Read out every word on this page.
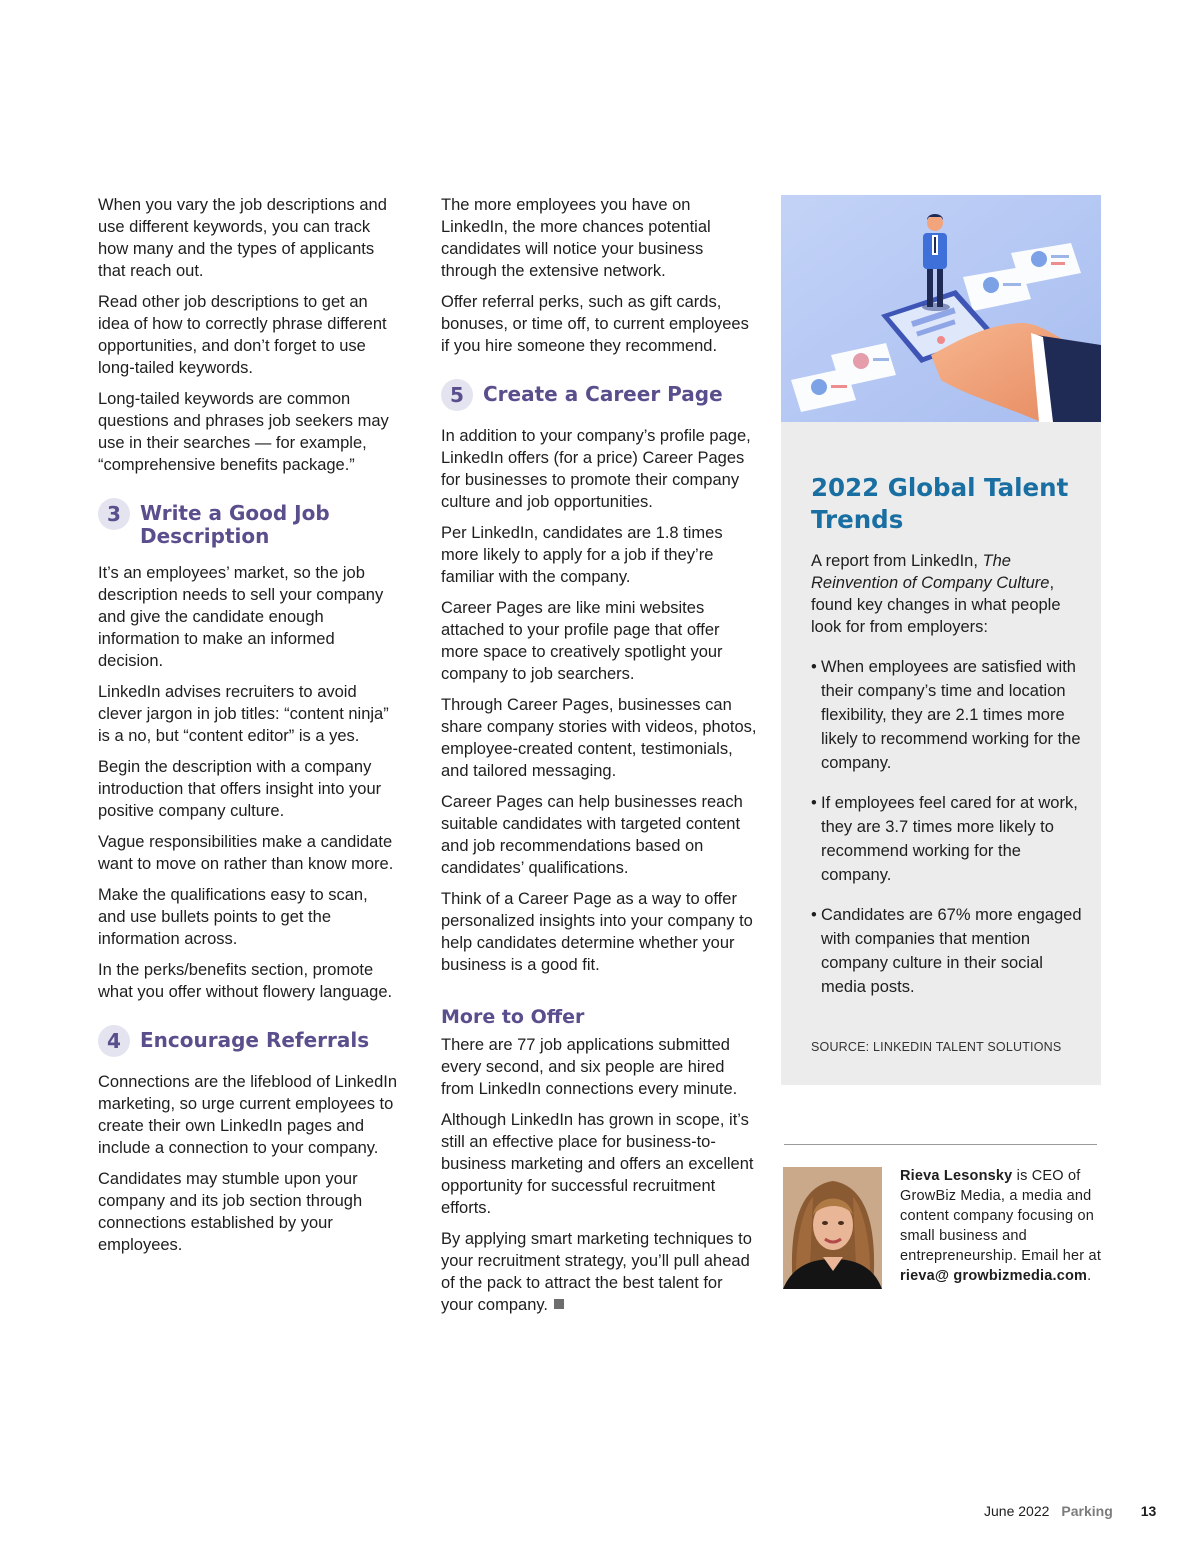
When you vary the job descriptions and use different keywords, you can track how many and the types of applicants that reach out.

Read other job descriptions to get an idea of how to correctly phrase different opportunities, and don’t forget to use long-tailed keywords.

Long-tailed keywords are common questions and phrases job seekers may use in their searches — for example, “comprehensive benefits package.”

3 Write a Good Job Description

It’s an employees’ market, so the job description needs to sell your company and give the candidate enough information to make an informed decision.

LinkedIn advises recruiters to avoid clever jargon in job titles: “content ninja” is a no, but “content editor” is a yes.

Begin the description with a company introduction that offers insight into your positive company culture.

Vague responsibilities make a candidate want to move on rather than know more.

Make the qualifications easy to scan, and use bullets points to get the information across.

In the perks/benefits section, promote what you offer without flowery language.

4 Encourage Referrals

Connections are the lifeblood of LinkedIn marketing, so urge current employees to create their own LinkedIn pages and include a connection to your company.

Candidates may stumble upon your company and its job section through connections established by your employees.

The more employees you have on LinkedIn, the more chances potential candidates will notice your business through the extensive network.

Offer referral perks, such as gift cards, bonuses, or time off, to current employees if you hire someone they recommend.

5 Create a Career Page

In addition to your company’s profile page, LinkedIn offers (for a price) Career Pages for businesses to promote their company culture and job opportunities.

Per LinkedIn, candidates are 1.8 times more likely to apply for a job if they’re familiar with the company.

Career Pages are like mini websites attached to your profile page that offer more space to creatively spotlight your company to job searchers.

Through Career Pages, businesses can share company stories with videos, photos, employee-created content, testimonials, and tailored messaging.

Career Pages can help businesses reach suitable candidates with targeted content and job recommendations based on candidates’ qualifications.

Think of a Career Page as a way to offer personalized insights into your company to help candidates determine whether your business is a good fit.

More to Offer

There are 77 job applications submitted every second, and six people are hired from LinkedIn connections every minute.

Although LinkedIn has grown in scope, it’s still an effective place for business-to-business marketing and offers an excellent opportunity for successful recruitment efforts.

By applying smart marketing techniques to your recruitment strategy, you’ll pull ahead of the pack to attract the best talent for your company.

2022 Global Talent Trends
A report from LinkedIn, The Reinvention of Company Culture, found key changes in what people look for from employers:
• When employees are satisfied with their company’s time and location flexibility, they are 2.1 times more likely to recommend working for the company.
• If employees feel cared for at work, they are 3.7 times more likely to recommend working for the company.
• Candidates are 67% more engaged with companies that mention company culture in their social media posts.
SOURCE: LINKEDIN TALENT SOLUTIONS
Rieva Lesonsky is CEO of GrowBiz Media, a media and content company focusing on small business and entrepreneurship. Email her at rieva@ growbizmedia.com.
June 2022 Parking 13
